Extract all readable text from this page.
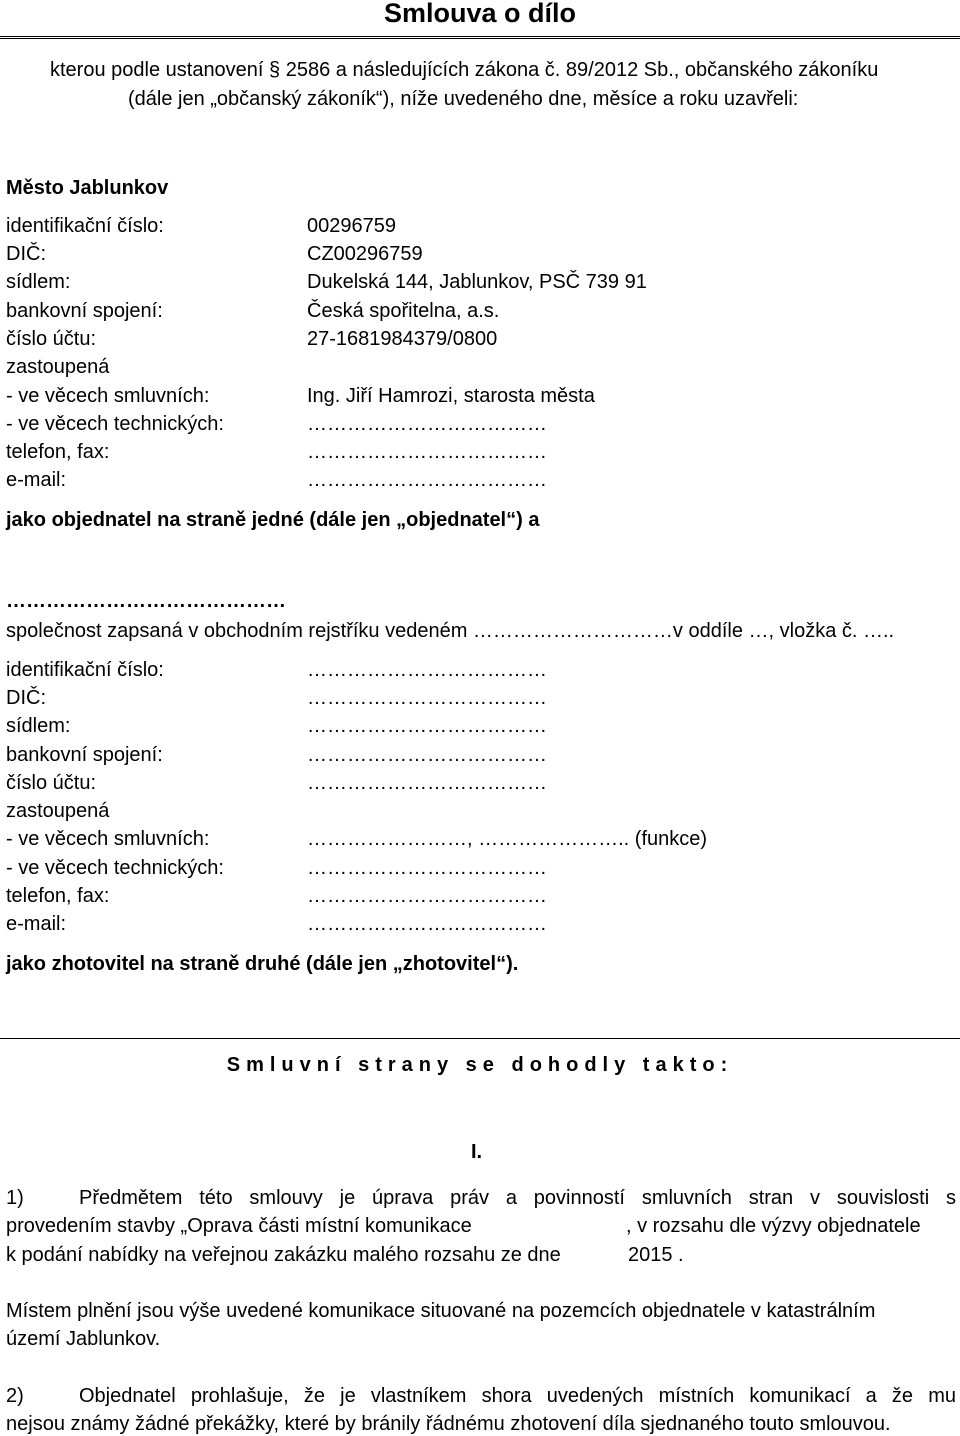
Smlouva o dílo
kterou podle ustanovení § 2586 a následujících zákona č. 89/2012 Sb., občanského zákoníku
(dále jen „občanský zákoník“), níže uvedeného dne, měsíce a roku uzavřeli:
Město Jablunkov
identifikační číslo:	00296759
DIČ:	CZ00296759
sídlem:	Dukelská 144, Jablunkov, PSČ 739 91
bankovní spojení:	Česká spořitelna, a.s.
číslo účtu:	27-1681984379/0800
zastoupená
- ve věcech smluvních:	Ing. Jiří Hamrozi, starosta města
- ve věcech technických:	………………………………
telefon, fax:	………………………………
e-mail:	………………………………
jako objednatel na straně jedné (dále jen „objednatel“) a
……………………………………
společnost zapsaná v obchodním rejstříku vedeném …………………………v oddíle …, vložka č. …..
identifikační číslo:	………………………………
DIČ:	………………………………
sídlem:	………………………………
bankovní spojení:	………………………………
číslo účtu:	………………………………
zastoupená
- ve věcech smluvních:	……………………, ………………….. (funkce)
- ve věcech technických:	………………………………
telefon, fax:	………………………………
e-mail:	………………………………
jako zhotovitel na straně druhé (dále jen „zhotovitel“).
Smluvní strany se dohodly takto:
I.
1)	Předmětem této smlouvy je úprava práv a povinností smluvních stran v souvislosti s
provedením stavby „Oprava části místní komunikace	, v rozsahu dle výzvy objednatele
k podání nabídky na veřejnou zakázku malého rozsahu ze dne	2015 .
Místem plnění jsou výše uvedené komunikace situované na pozemcích objednatele v katastrálním
území Jablunkov.
2)	Objednatel prohlašuje, že je vlastníkem shora uvedených místních komunikací a že mu
nejsou známy žádné překážky, které by bránily řádnému zhotovení díla sjednaného touto smlouvou.
